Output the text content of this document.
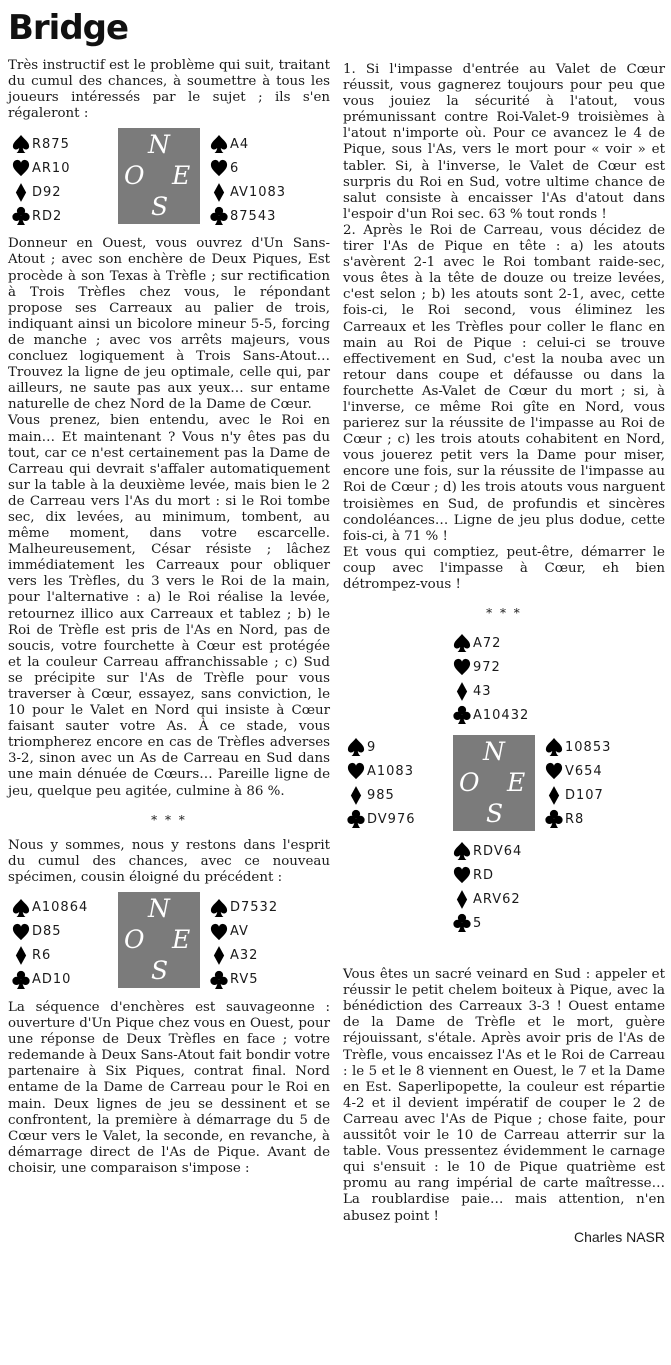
Bridge

Très instructif est le problème qui suit, traitant du cumul des chances, à soumettre à tous les joueurs intéressés par le sujet ; ils s'en régaleront :

R875
AR10
D92
RD2
N
O E
S
A4
6
AV1083
87543

Donneur en Ouest, vous ouvrez d'Un Sans-Atout ; avec son enchère de Deux Piques, Est procède à son Texas à Trèfle ; sur rectification à Trois Trèfles chez vous, le répondant propose ses Carreaux au palier de trois, indiquant ainsi un bicolore mineur 5-5, forcing de manche ; avec vos arrêts majeurs, vous concluez logiquement à Trois Sans-Atout… Trouvez la ligne de jeu optimale, celle qui, par ailleurs, ne saute pas aux yeux… sur entame naturelle de chez Nord de la Dame de Cœur.

Vous prenez, bien entendu, avec le Roi en main… Et maintenant ? Vous n'y êtes pas du tout, car ce n'est certainement pas la Dame de Carreau qui devrait s'affaler automatiquement sur la table à la deuxième levée, mais bien le 2 de Carreau vers l'As du mort : si le Roi tombe sec, dix levées, au minimum, tombent, au même moment, dans votre escarcelle. Malheureusement, César résiste ; lâchez immédiatement les Carreaux pour obliquer vers les Trèfles, du 3 vers le Roi de la main, pour l'alternative : a) le Roi réalise la levée, retournez illico aux Carreaux et tablez ; b) le Roi de Trèfle est pris de l'As en Nord, pas de soucis, votre fourchette à Cœur est protégée et la couleur Carreau affranchissable ; c) Sud se précipite sur l'As de Trèfle pour vous traverser à Cœur, essayez, sans conviction, le 10 pour le Valet en Nord qui insiste à Cœur faisant sauter votre As. À ce stade, vous triompherez encore en cas de Trèfles adverses 3-2, sinon avec un As de Carreau en Sud dans une main dénuée de Cœurs… Pareille ligne de jeu, quelque peu agitée, culmine à 86 %.

* * *

Nous y sommes, nous y restons dans l'esprit du cumul des chances, avec ce nouveau spécimen, cousin éloigné du précédent :

A10864
D85
R6
AD10
N
O E
S
D7532
AV
A32
RV5

La séquence d'enchères est sauvageonne : ouverture d'Un Pique chez vous en Ouest, pour une réponse de Deux Trèfles en face ; votre redemande à Deux Sans-Atout fait bondir votre partenaire à Six Piques, contrat final. Nord entame de la Dame de Carreau pour le Roi en main. Deux lignes de jeu se dessinent et se confrontent, la première à démarrage du 5 de Cœur vers le Valet, la seconde, en revanche, à démarrage direct de l'As de Pique. Avant de choisir, une comparaison s'impose :

1. Si l'impasse d'entrée au Valet de Cœur réussit, vous gagnerez toujours pour peu que vous jouiez la sécurité à l'atout, vous prémunissant contre Roi-Valet-9 troisièmes à l'atout n'importe où. Pour ce avancez le 4 de Pique, sous l'As, vers le mort pour « voir » et tabler. Si, à l'inverse, le Valet de Cœur est surpris du Roi en Sud, votre ultime chance de salut consiste à encaisser l'As d'atout dans l'espoir d'un Roi sec. 63 % tout ronds !

2. Après le Roi de Carreau, vous décidez de tirer l'As de Pique en tête : a) les atouts s'avèrent 2-1 avec le Roi tombant raide-sec, vous êtes à la tête de douze ou treize levées, c'est selon ; b) les atouts sont 2-1, avec, cette fois-ci, le Roi second, vous éliminez les Carreaux et les Trèfles pour coller le flanc en main au Roi de Pique : celui-ci se trouve effectivement en Sud, c'est la nouba avec un retour dans coupe et défausse ou dans la fourchette As-Valet de Cœur du mort ; si, à l'inverse, ce même Roi gîte en Nord, vous parierez sur la réussite de l'impasse au Roi de Cœur ; c) les trois atouts cohabitent en Nord, vous jouerez petit vers la Dame pour miser, encore une fois, sur la réussite de l'impasse au Roi de Cœur ; d) les trois atouts vous narguent troisièmes en Sud, de profundis et sincères condoléances… Ligne de jeu plus dodue, cette fois-ci, à 71 % !

Et vous qui comptiez, peut-être, démarrer le coup avec l'impasse à Cœur, eh bien détrompez-vous !

* * *
A72
972
43
A10432
9
A1083
985
DV976
N
O E
S
10853
V654
D107
R8
RDV64
RD
ARV62
5

Vous êtes un sacré veinard en Sud : appeler et réussir le petit chelem boiteux à Pique, avec la bénédiction des Carreaux 3-3 ! Ouest entame de la Dame de Trèfle et le mort, guère réjouissant, s'étale. Après avoir pris de l'As de Trèfle, vous encaissez l'As et le Roi de Carreau : le 5 et le 8 viennent en Ouest, le 7 et la Dame en Est. Saperlipopette, la couleur est répartie 4-2 et il devient impératif de couper le 2 de Carreau avec l'As de Pique ; chose faite, pour aussitôt voir le 10 de Carreau atterrir sur la table. Vous pressentez évidemment le carnage qui s'ensuit : le 10 de Pique quatrième est promu au rang impérial de carte maîtresse… La roublardise paie… mais attention, n'en abusez point !

Charles NASR
